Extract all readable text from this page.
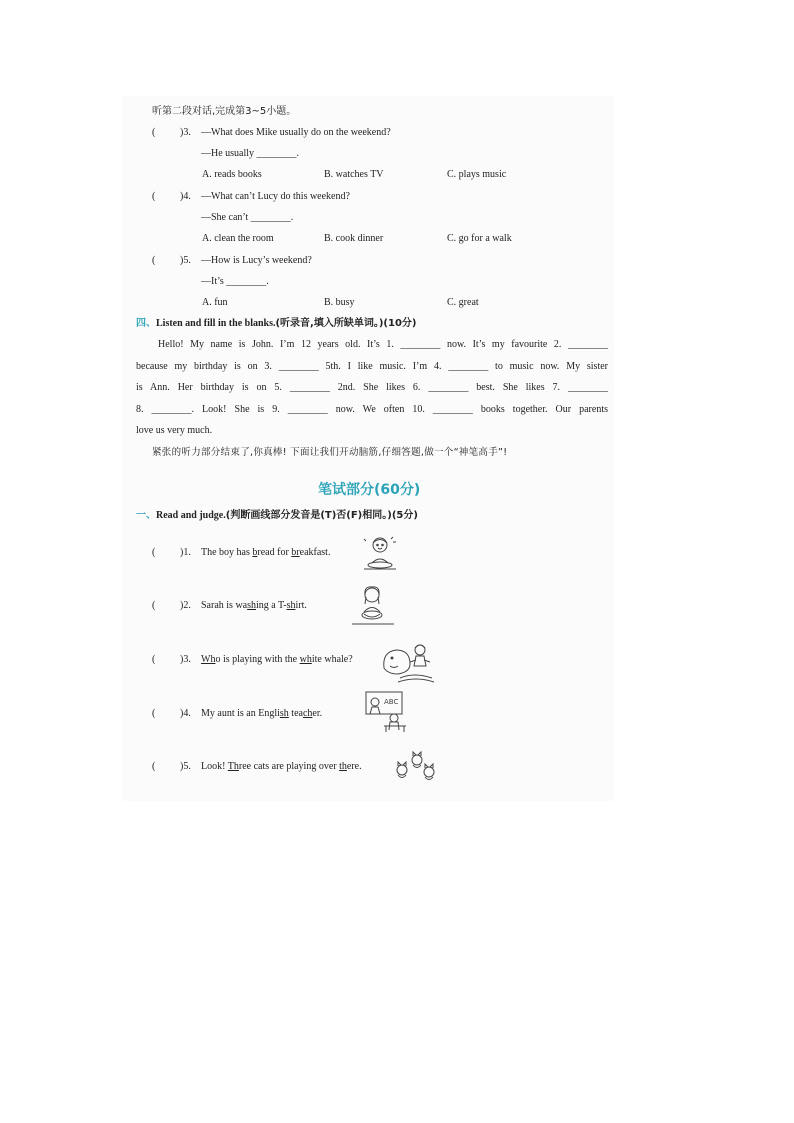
听第二段对话,完成第3~5小题。
( )3. —What does Mike usually do on the weekend?
—He usually ________.
A. reads books	B. watches TV	C. plays music
( )4. —What can’t Lucy do this weekend?
—She can’t ________.
A. clean the room	B. cook dinner	C. go for a walk
( )5. —How is Lucy’s weekend?
—It’s ________.
A. fun	B. busy	C. great
四、Listen and fill in the blanks.(听录音,填入所缺单词。)(10分)
Hello! My name is John. I’m 12 years old. It’s 1. ________ now. It’s my favourite 2. ________
because my birthday is on 3. ________ 5th. I like music. I’m 4. ________ to music now. My sister
is Ann. Her birthday is on 5. ________ 2nd. She likes 6. ________ best. She likes 7. ________
8. ________. Look! She is 9. ________ now. We often 10. ________ books together. Our parents
love us very much.
紧张的听力部分结束了,你真棒! 下面让我们开动脑筋,仔细答题,做一个“神笔高手”!
笔试部分(60分)
一、Read and judge.(判断画线部分发音是(T)否(F)相同。)(5分)
( )1. The boy has bread for breakfast.
( )2. Sarah is washing a T-shirt.
( )3. Who is playing with the white whale?
( )4. My aunt is an English teacher.
( )5. Look! Three cats are playing over there.
ABC
